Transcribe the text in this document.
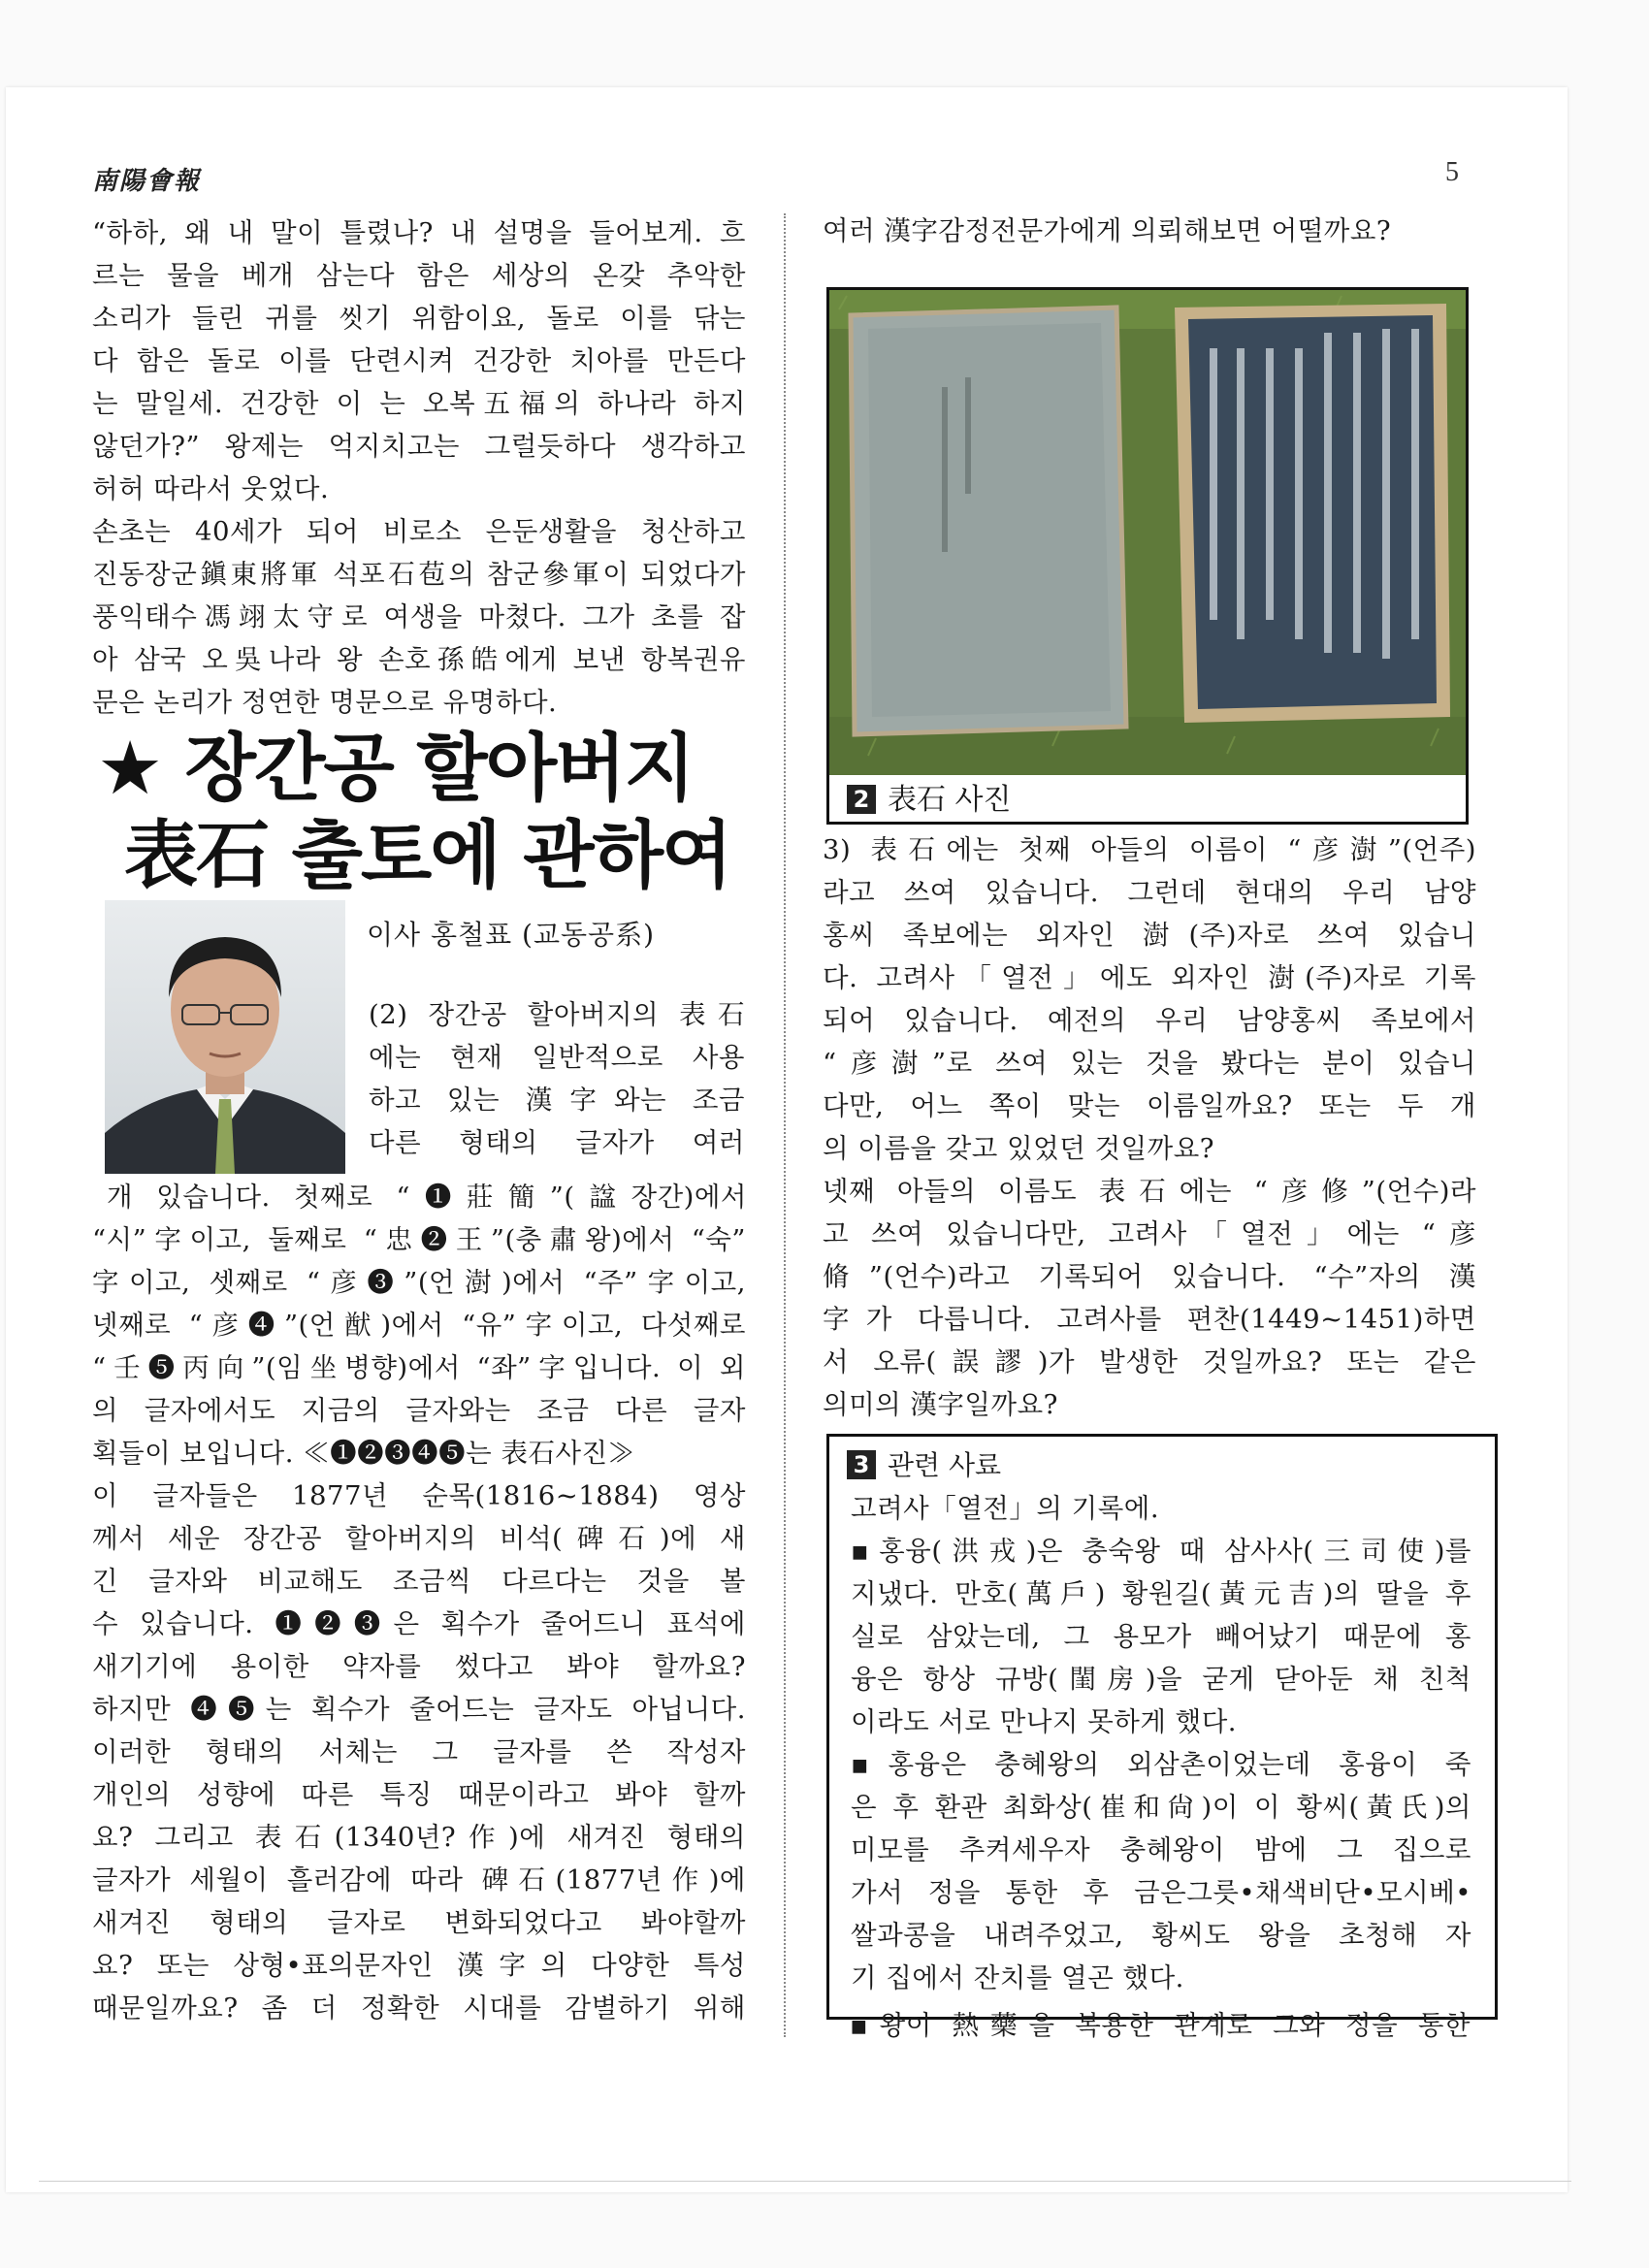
南陽會報	5

“하하, 왜 내 말이 틀렸나? 내 설명을 들어보게. 흐

르는 물을 베개 삼는다 함은 세상의 온갖 추악한

소리가 들린 귀를 씻기 위함이요, 돌로 이를 닦는

다 함은 돌로 이를 단련시켜 건강한 치아를 만든다

는 말일세. 건강한 이 는 오복五福의 하나라 하지

않던가?” 왕제는 억지치고는 그럴듯하다 생각하고

허허 따라서 웃었다.

손초는 40세가 되어 비로소 은둔생활을 청산하고

진동장군鎭東將軍 석포石苞의 참군參軍이 되었다가

풍익태수馮翊太守로 여생을 마쳤다. 그가 초를 잡

아 삼국 오吳나라 왕 손호孫皓에게 보낸 항복권유

문은 논리가 정연한 명문으로 유명하다.

★ 장간공 할아버지
表石 출토에 관하여

이사 홍철표 (교동공系)

(2) 장간공 할아버지의 表石

에는 현재 일반적으로 사용

하고 있는 漢字와는 조금

다른 형태의 글자가 여러

개 있습니다. 첫째로 “❶莊簡”(諡장간)에서

“시”字이고, 둘째로 “忠❷王”(충肅왕)에서 “숙”

字이고, 셋째로 “彦❸”(언澍)에서 “주”字이고,

넷째로 “彦❹”(언猷)에서 “유”字이고, 다섯째로

“壬❺丙向”(임坐병향)에서 “좌”字입니다. 이 외

의 글자에서도 지금의 글자와는 조금 다른 글자

획들이 보입니다. ≪❶❷❸❹❺는 表石사진≫

이 글자들은 1877년 순목(1816~1884) 영상

께서 세운 장간공 할아버지의 비석(碑石)에 새

긴 글자와 비교해도 조금씩 다르다는 것을 볼

수 있습니다. ❶❷❸은 획수가 줄어드니 표석에

새기기에 용이한 약자를 썼다고 봐야 할까요?

하지만 ❹❺는 획수가 줄어드는 글자도 아닙니다.

이러한 형태의 서체는 그 글자를 쓴 작성자

개인의 성향에 따른 특징 때문이라고 봐야 할까

요? 그리고 表石(1340년?作)에 새겨진 형태의

글자가 세월이 흘러감에 따라 碑石(1877년作)에

새겨진 형태의 글자로 변화되었다고 봐야할까

요? 또는 상형•표의문자인 漢字의 다양한 특성

때문일까요? 좀 더 정확한 시대를 감별하기 위해

여러 漢字감정전문가에게 의뢰해보면 어떨까요?

2 表石 사진

3) 表石에는 첫째 아들의 이름이 “彦澍”(언주)

라고 쓰여 있습니다. 그런데 현대의 우리 남양

홍씨 족보에는 외자인 澍(주)자로 쓰여 있습니

다. 고려사「열전」에도 외자인 澍(주)자로 기록

되어 있습니다. 예전의 우리 남양홍씨 족보에서

“彦澍”로 쓰여 있는 것을 봤다는 분이 있습니

다만, 어느 쪽이 맞는 이름일까요? 또는 두 개

의 이름을 갖고 있었던 것일까요?

넷째 아들의 이름도 表石에는 “彦修”(언수)라

고 쓰여 있습니다만, 고려사「열전」에는 “彦

脩”(언수)라고 기록되어 있습니다. “수”자의 漢

字가 다릅니다. 고려사를 편찬(1449~1451)하면

서 오류(誤謬)가 발생한 것일까요? 또는 같은

의미의 漢字일까요?

3 관련 사료

고려사「열전」의 기록에.

▪홍융(洪戎)은 충숙왕 때 삼사사(三司使)를

지냈다. 만호(萬戶) 황원길(黃元吉)의 딸을 후

실로 삼았는데, 그 용모가 빼어났기 때문에 홍

융은 항상 규방(閨房)을 굳게 닫아둔 채 친척

이라도 서로 만나지 못하게 했다.

▪홍융은 충혜왕의 외삼촌이었는데 홍융이 죽

은 후 환관 최화상(崔和尙)이 이 황씨(黃氏)의

미모를 추켜세우자 충혜왕이 밤에 그 집으로

가서 정을 통한 후 금은그릇•채색비단•모시베•

쌀과콩을 내려주었고, 황씨도 왕을 초청해 자

기 집에서 잔치를 열곤 했다.

▪왕이 熱藥을 복용한 관계로 그와 정을 통한
